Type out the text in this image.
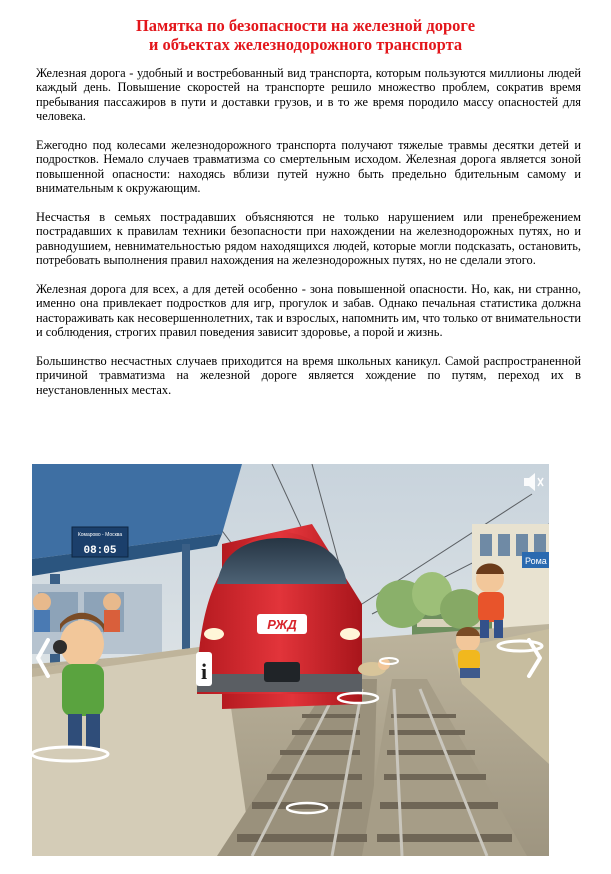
Памятка по безопасности на железной дороге
и объектах железнодорожного транспорта

Железная дорога - удобный и востребованный вид транспорта, которым пользуются миллионы людей каждый день. Повышение скоростей на транспорте решило множество проблем, сократив время пребывания пассажиров в пути и доставки грузов, и в то же время породило массу опасностей для человека.

Ежегодно под колесами железнодорожного транспорта получают тяжелые травмы десятки детей и подростков. Немало случаев травматизма со смертельным исходом. Железная дорога является зоной повышенной опасности: находясь вблизи путей нужно быть предельно бдительным самому и внимательным к окружающим.

Несчастья в семьях пострадавших объясняются не только нарушением или пренебрежением пострадавших к правилам техники безопасности при нахождении на железнодорожных путях, но и равнодушием, невнимательностью рядом находящихся людей, которые могли подсказать, остановить, потребовать выполнения правил нахождения на железнодорожных путях, но не сделали этого.

Железная дорога для всех, а для детей особенно - зона повышенной опасности. Но, как, ни странно, именно она привлекает подростков для игр, прогулок и забав. Однако печальная статистика должна настораживать как несовершеннолетних, так и взрослых, напомнить им, что только от внимательности и соблюдения, строгих правил поведения зависит здоровье, а порой и жизнь.

Большинство несчастных случаев приходится на время школьных каникул. Самой распространенной причиной травматизма на железной дороге является хождение по путям, переход их в неустановленных местах.

Комарово - Москва
08:05
Рома
РЖД
i
